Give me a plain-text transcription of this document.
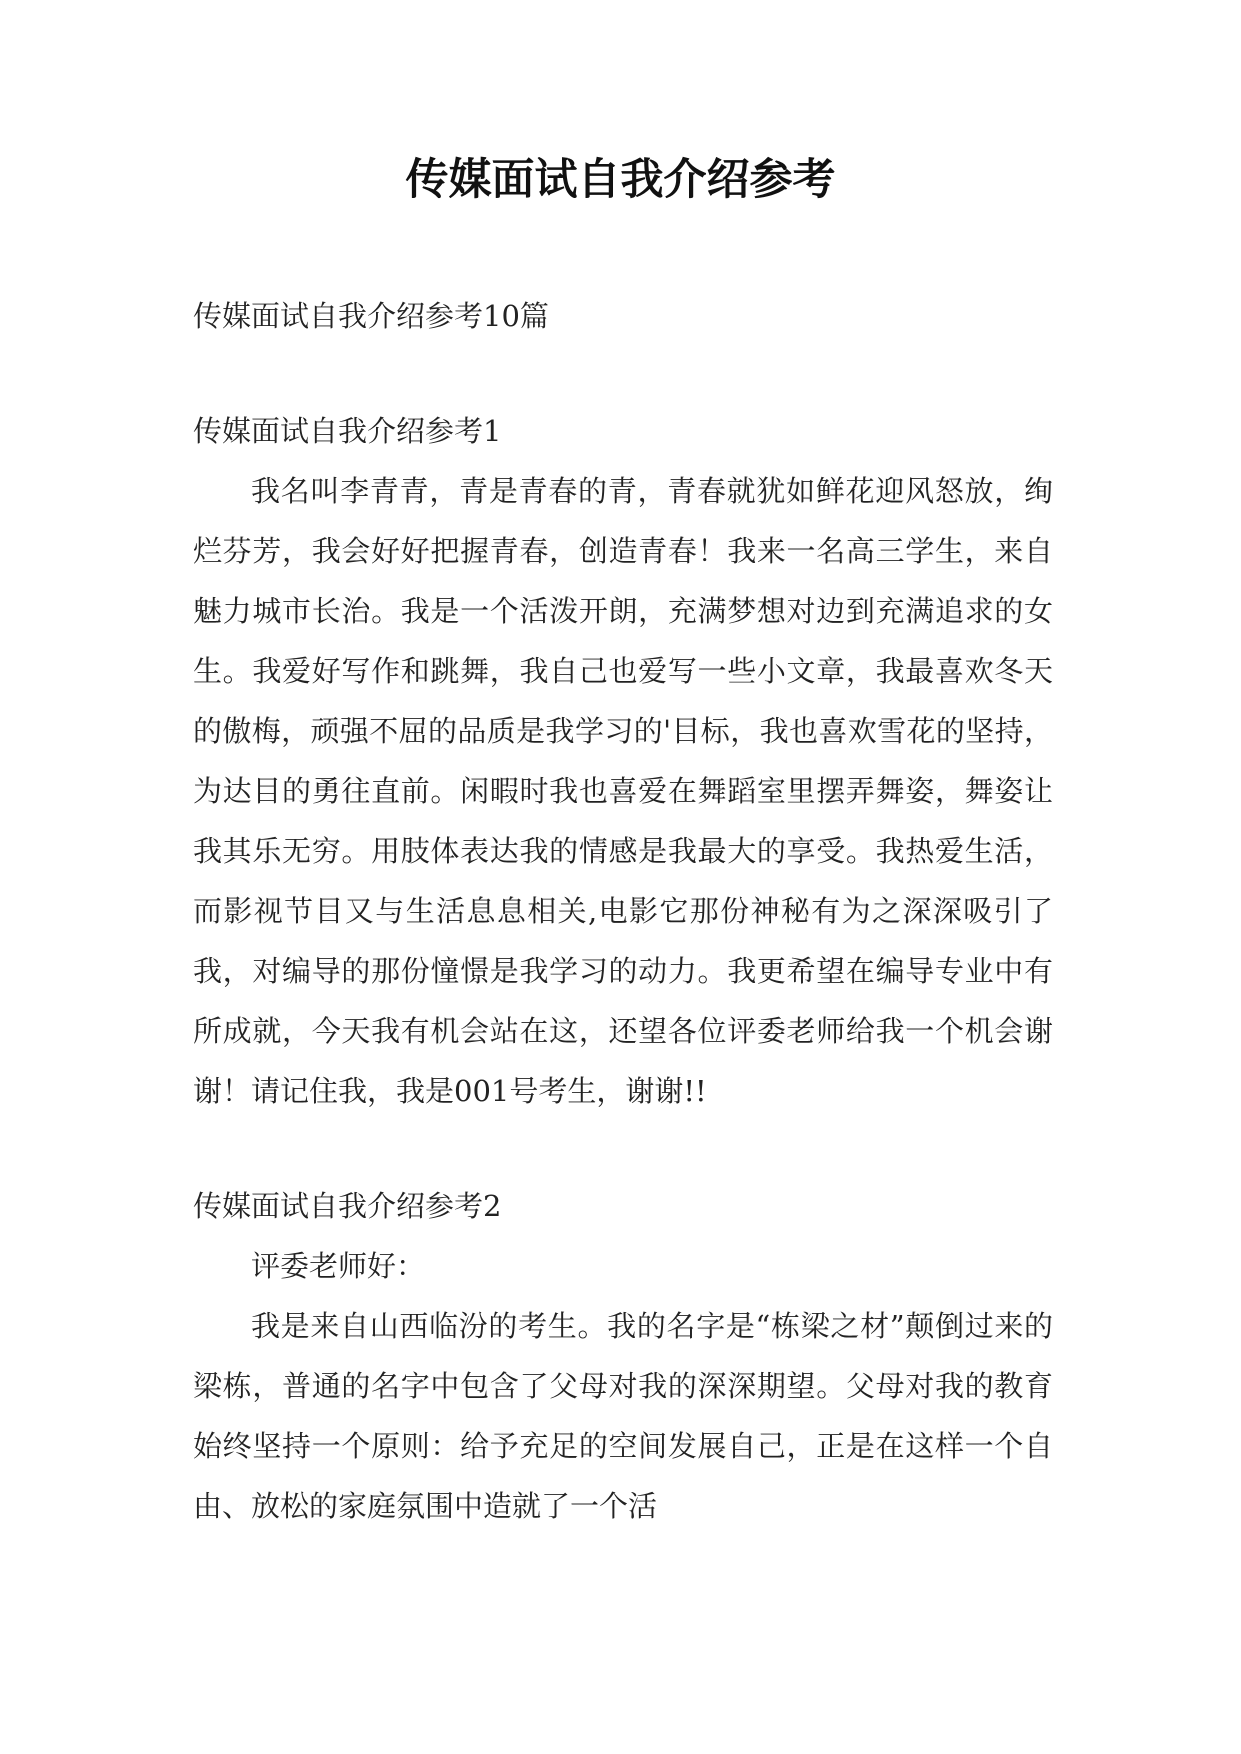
传媒面试自我介绍参考

传媒面试自我介绍参考10篇

传媒面试自我介绍参考1

我名叫李青青，青是青春的青，青春就犹如鲜花迎风怒放，绚烂芬芳，我会好好把握青春，创造青春！我来一名高三学生，来自魅力城市长治。我是一个活泼开朗，充满梦想对边到充满追求的女生。我爱好写作和跳舞，我自己也爱写一些小文章，我最喜欢冬天的傲梅，顽强不屈的品质是我学习的'目标，我也喜欢雪花的坚持，为达目的勇往直前。闲暇时我也喜爱在舞蹈室里摆弄舞姿，舞姿让我其乐无穷。用肢体表达我的情感是我最大的享受。我热爱生活，而影视节目又与生活息息相关,电影它那份神秘有为之深深吸引了我，对编导的那份憧憬是我学习的动力。我更希望在编导专业中有所成就，今天我有机会站在这，还望各位评委老师给我一个机会谢谢！请记住我，我是001号考生，谢谢!!

传媒面试自我介绍参考2

评委老师好：

我是来自山西临汾的考生。我的名字是“栋梁之材”颠倒过来的梁栋，普通的名字中包含了父母对我的深深期望。父母对我的教育始终坚持一个原则：给予充足的空间发展自己，正是在这样一个自由、放松的家庭氛围中造就了一个活
